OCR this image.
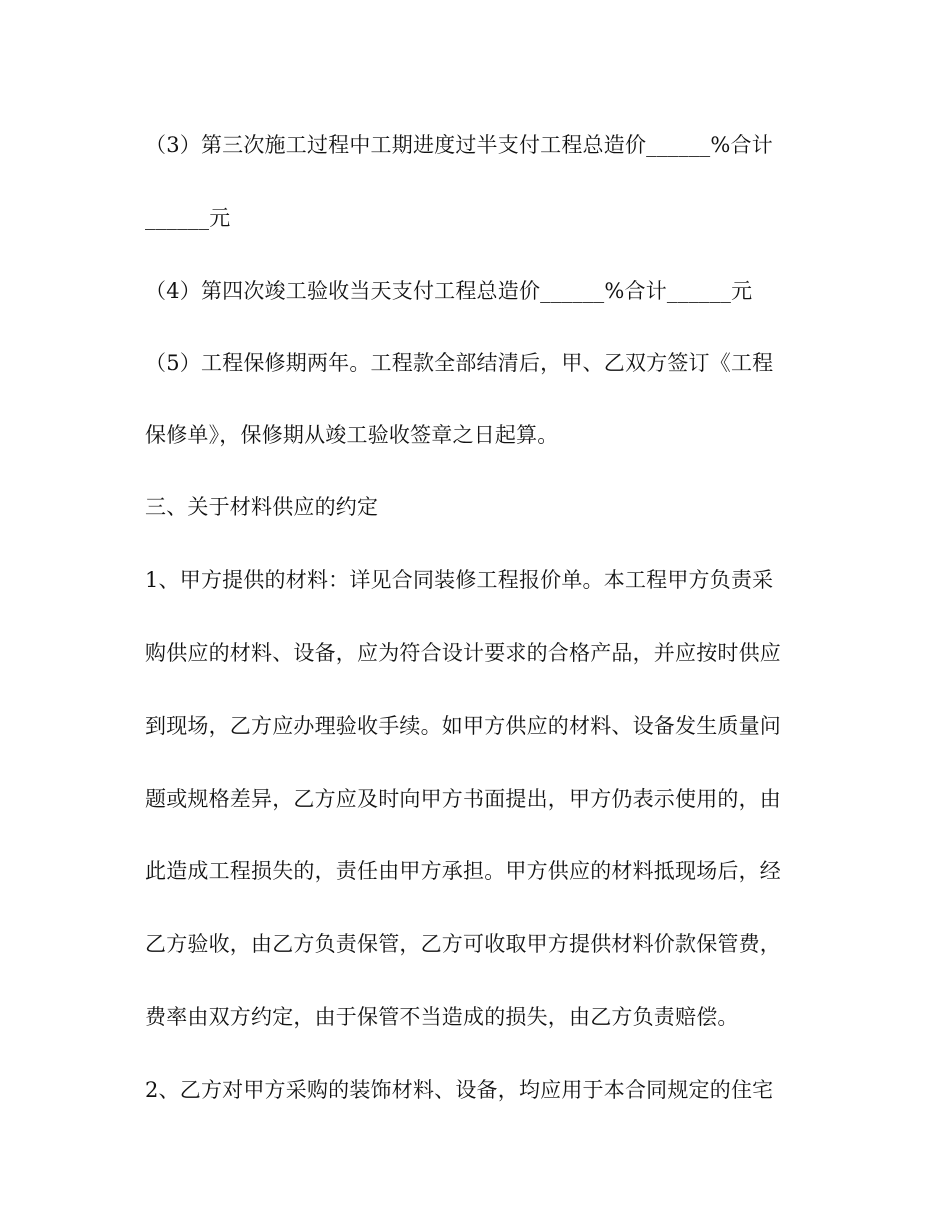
（3）第三次施工过程中工期进度过半支付工程总造价______%合计
______元
（4）第四次竣工验收当天支付工程总造价______%合计______元
（5）工程保修期两年。工程款全部结清后，甲、乙双方签订《工程
保修单》，保修期从竣工验收签章之日起算。
三、关于材料供应的约定
1、甲方提供的材料：详见合同装修工程报价单。本工程甲方负责采
购供应的材料、设备，应为符合设计要求的合格产品，并应按时供应
到现场，乙方应办理验收手续。如甲方供应的材料、设备发生质量问
题或规格差异，乙方应及时向甲方书面提出，甲方仍表示使用的，由
此造成工程损失的，责任由甲方承担。甲方供应的材料抵现场后，经
乙方验收，由乙方负责保管，乙方可收取甲方提供材料价款保管费，
费率由双方约定，由于保管不当造成的损失，由乙方负责赔偿。
2、乙方对甲方采购的装饰材料、设备，均应用于本合同规定的住宅
